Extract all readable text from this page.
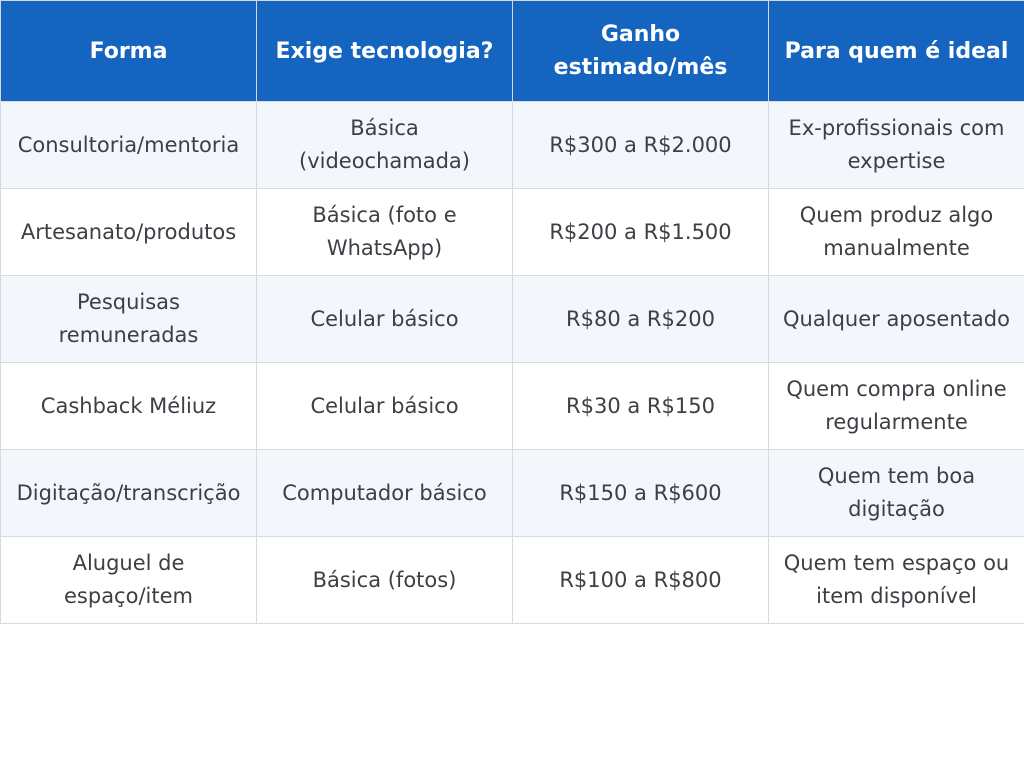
Forma	Exige tecnologia?	Ganho estimado/mês	Para quem é ideal
Consultoria/mentoria	Básica (videochamada)	R$300 a R$2.000	Ex-profissionais com expertise
Artesanato/produtos	Básica (foto e WhatsApp)	R$200 a R$1.500	Quem produz algo manualmente
Pesquisas remuneradas	Celular básico	R$80 a R$200	Qualquer aposentado
Cashback Méliuz	Celular básico	R$30 a R$150	Quem compra online regularmente
Digitação/transcrição	Computador básico	R$150 a R$600	Quem tem boa digitação
Aluguel de espaço/item	Básica (fotos)	R$100 a R$800	Quem tem espaço ou item disponível
